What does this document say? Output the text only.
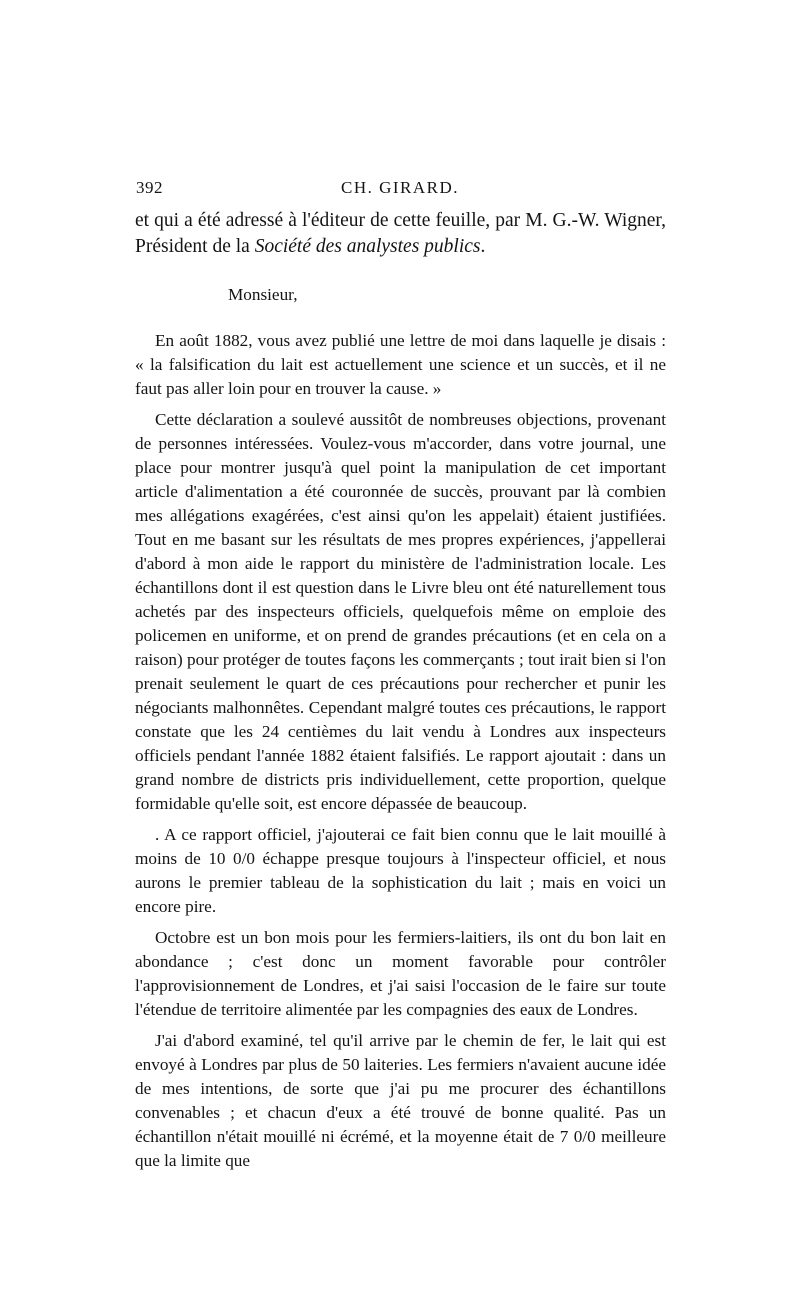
392	CH. GIRARD.

et qui a été adressé à l'éditeur de cette feuille, par M. G.-W. Wigner, Président de la Société des analystes publics.

Monsieur,

En août 1882, vous avez publié une lettre de moi dans laquelle je disais : « la falsification du lait est actuellement une science et un succès, et il ne faut pas aller loin pour en trouver la cause. »

Cette déclaration a soulevé aussitôt de nombreuses objections, provenant de personnes intéressées. Voulez-vous m'accorder, dans votre journal, une place pour montrer jusqu'à quel point la manipulation de cet important article d'alimentation a été couronnée de succès, prouvant par là combien mes allégations exagérées, c'est ainsi qu'on les appelait) étaient justifiées. Tout en me basant sur les résultats de mes propres expériences, j'appellerai d'abord à mon aide le rapport du ministère de l'administration locale. Les échantillons dont il est question dans le Livre bleu ont été naturellement tous achetés par des inspecteurs officiels, quelquefois même on emploie des policemen en uniforme, et on prend de grandes précautions (et en cela on a raison) pour protéger de toutes façons les commerçants ; tout irait bien si l'on prenait seulement le quart de ces précautions pour rechercher et punir les négociants malhonnêtes. Cependant malgré toutes ces précautions, le rapport constate que les 24 centièmes du lait vendu à Londres aux inspecteurs officiels pendant l'année 1882 étaient falsifiés. Le rapport ajoutait : dans un grand nombre de districts pris individuellement, cette proportion, quelque formidable qu'elle soit, est encore dépassée de beaucoup.

. A ce rapport officiel, j'ajouterai ce fait bien connu que le lait mouillé à moins de 10 0/0 échappe presque toujours à l'inspecteur officiel, et nous aurons le premier tableau de la sophistication du lait ; mais en voici un encore pire.

Octobre est un bon mois pour les fermiers-laitiers, ils ont du bon lait en abondance ; c'est donc un moment favorable pour contrôler l'approvisionnement de Londres, et j'ai saisi l'occasion de le faire sur toute l'étendue de territoire alimentée par les compagnies des eaux de Londres.

J'ai d'abord examiné, tel qu'il arrive par le chemin de fer, le lait qui est envoyé à Londres par plus de 50 laiteries. Les fermiers n'avaient aucune idée de mes intentions, de sorte que j'ai pu me procurer des échantillons convenables ; et chacun d'eux a été trouvé de bonne qualité. Pas un échantillon n'était mouillé ni écrémé, et la moyenne était de 7 0/0 meilleure que la limite que
